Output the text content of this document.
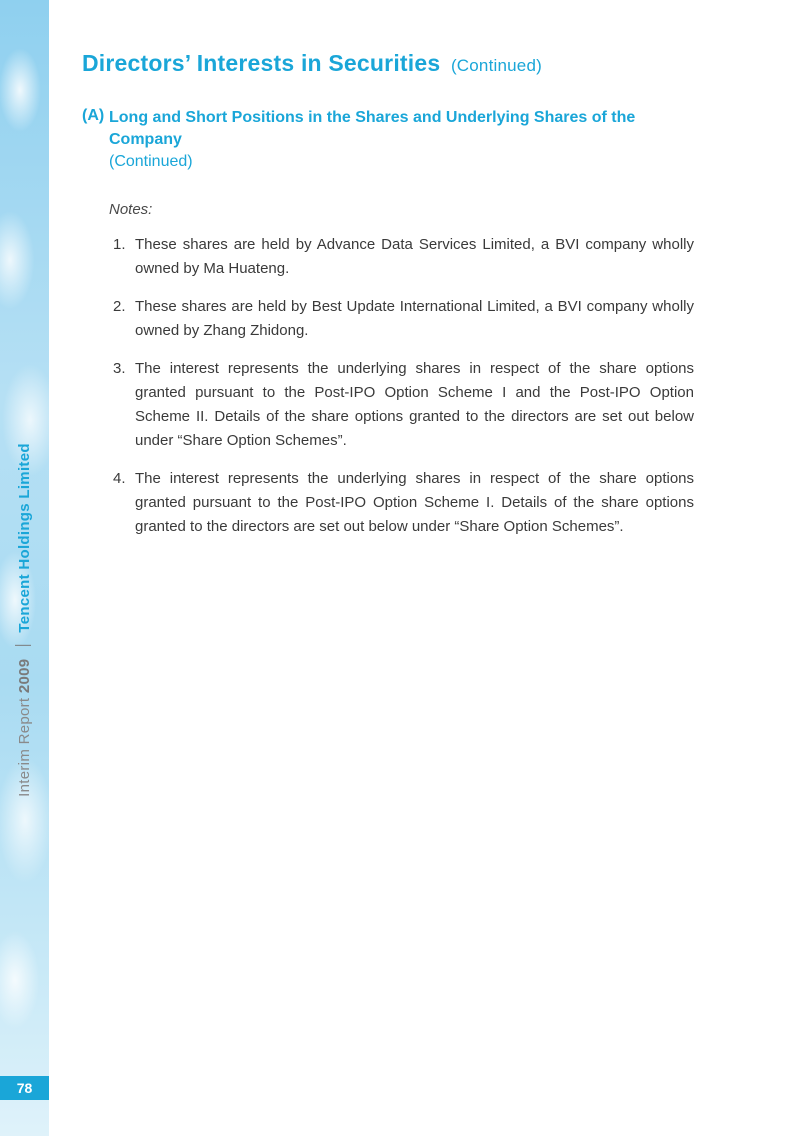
Interim Report 2009  Tencent Holdings Limited
78
Directors’ Interests in Securities (Continued)
(A) Long and Short Positions in the Shares and Underlying Shares of the Company
(Continued)
Notes:
1. These shares are held by Advance Data Services Limited, a BVI company wholly owned by Ma Huateng.
2. These shares are held by Best Update International Limited, a BVI company wholly owned by Zhang Zhidong.
3. The interest represents the underlying shares in respect of the share options granted pursuant to the Post-IPO Option Scheme I and the Post-IPO Option Scheme II. Details of the share options granted to the directors are set out below under “Share Option Schemes”.
4. The interest represents the underlying shares in respect of the share options granted pursuant to the Post-IPO Option Scheme I. Details of the share options granted to the directors are set out below under “Share Option Schemes”.
